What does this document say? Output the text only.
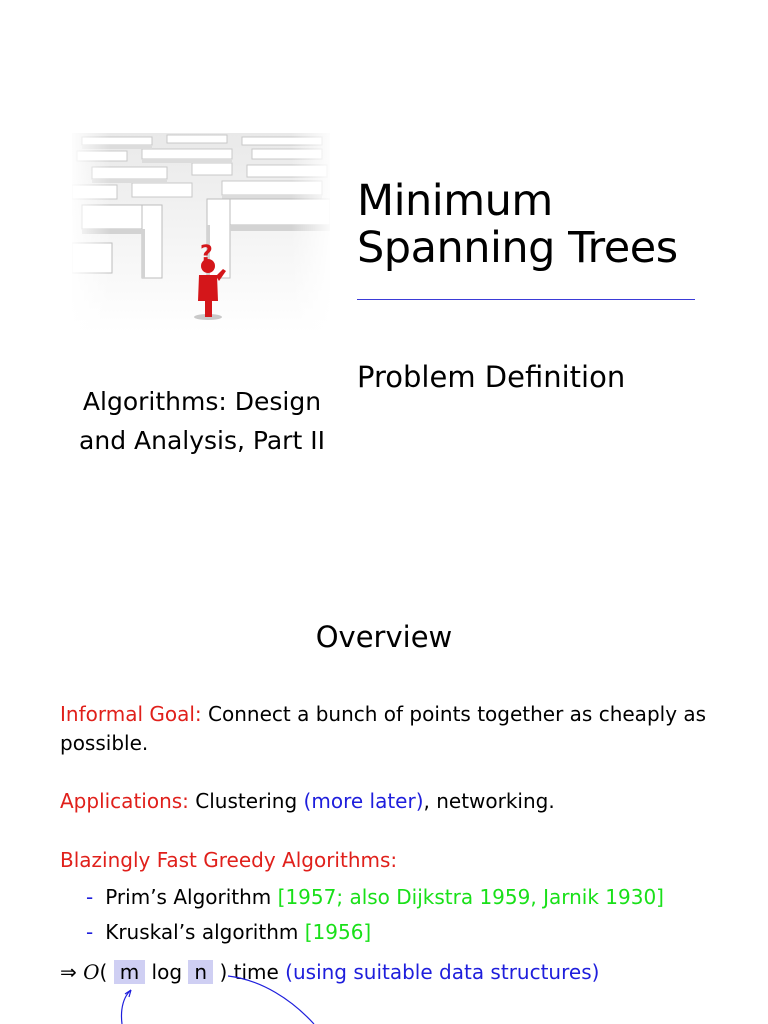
Minimum
Spanning Trees
Problem Definition
Algorithms: Design
and Analysis, Part II
Overview
Informal Goal: Connect a bunch of points together as cheaply as
possible.
Applications: Clustering (more later), networking.
Blazingly Fast Greedy Algorithms:
- Prim’s Algorithm [1957; also Dijkstra 1959, Jarnik 1930]
- Kruskal’s algorithm [1956]
⇒ O( m log n ) time (using suitable data structures)
